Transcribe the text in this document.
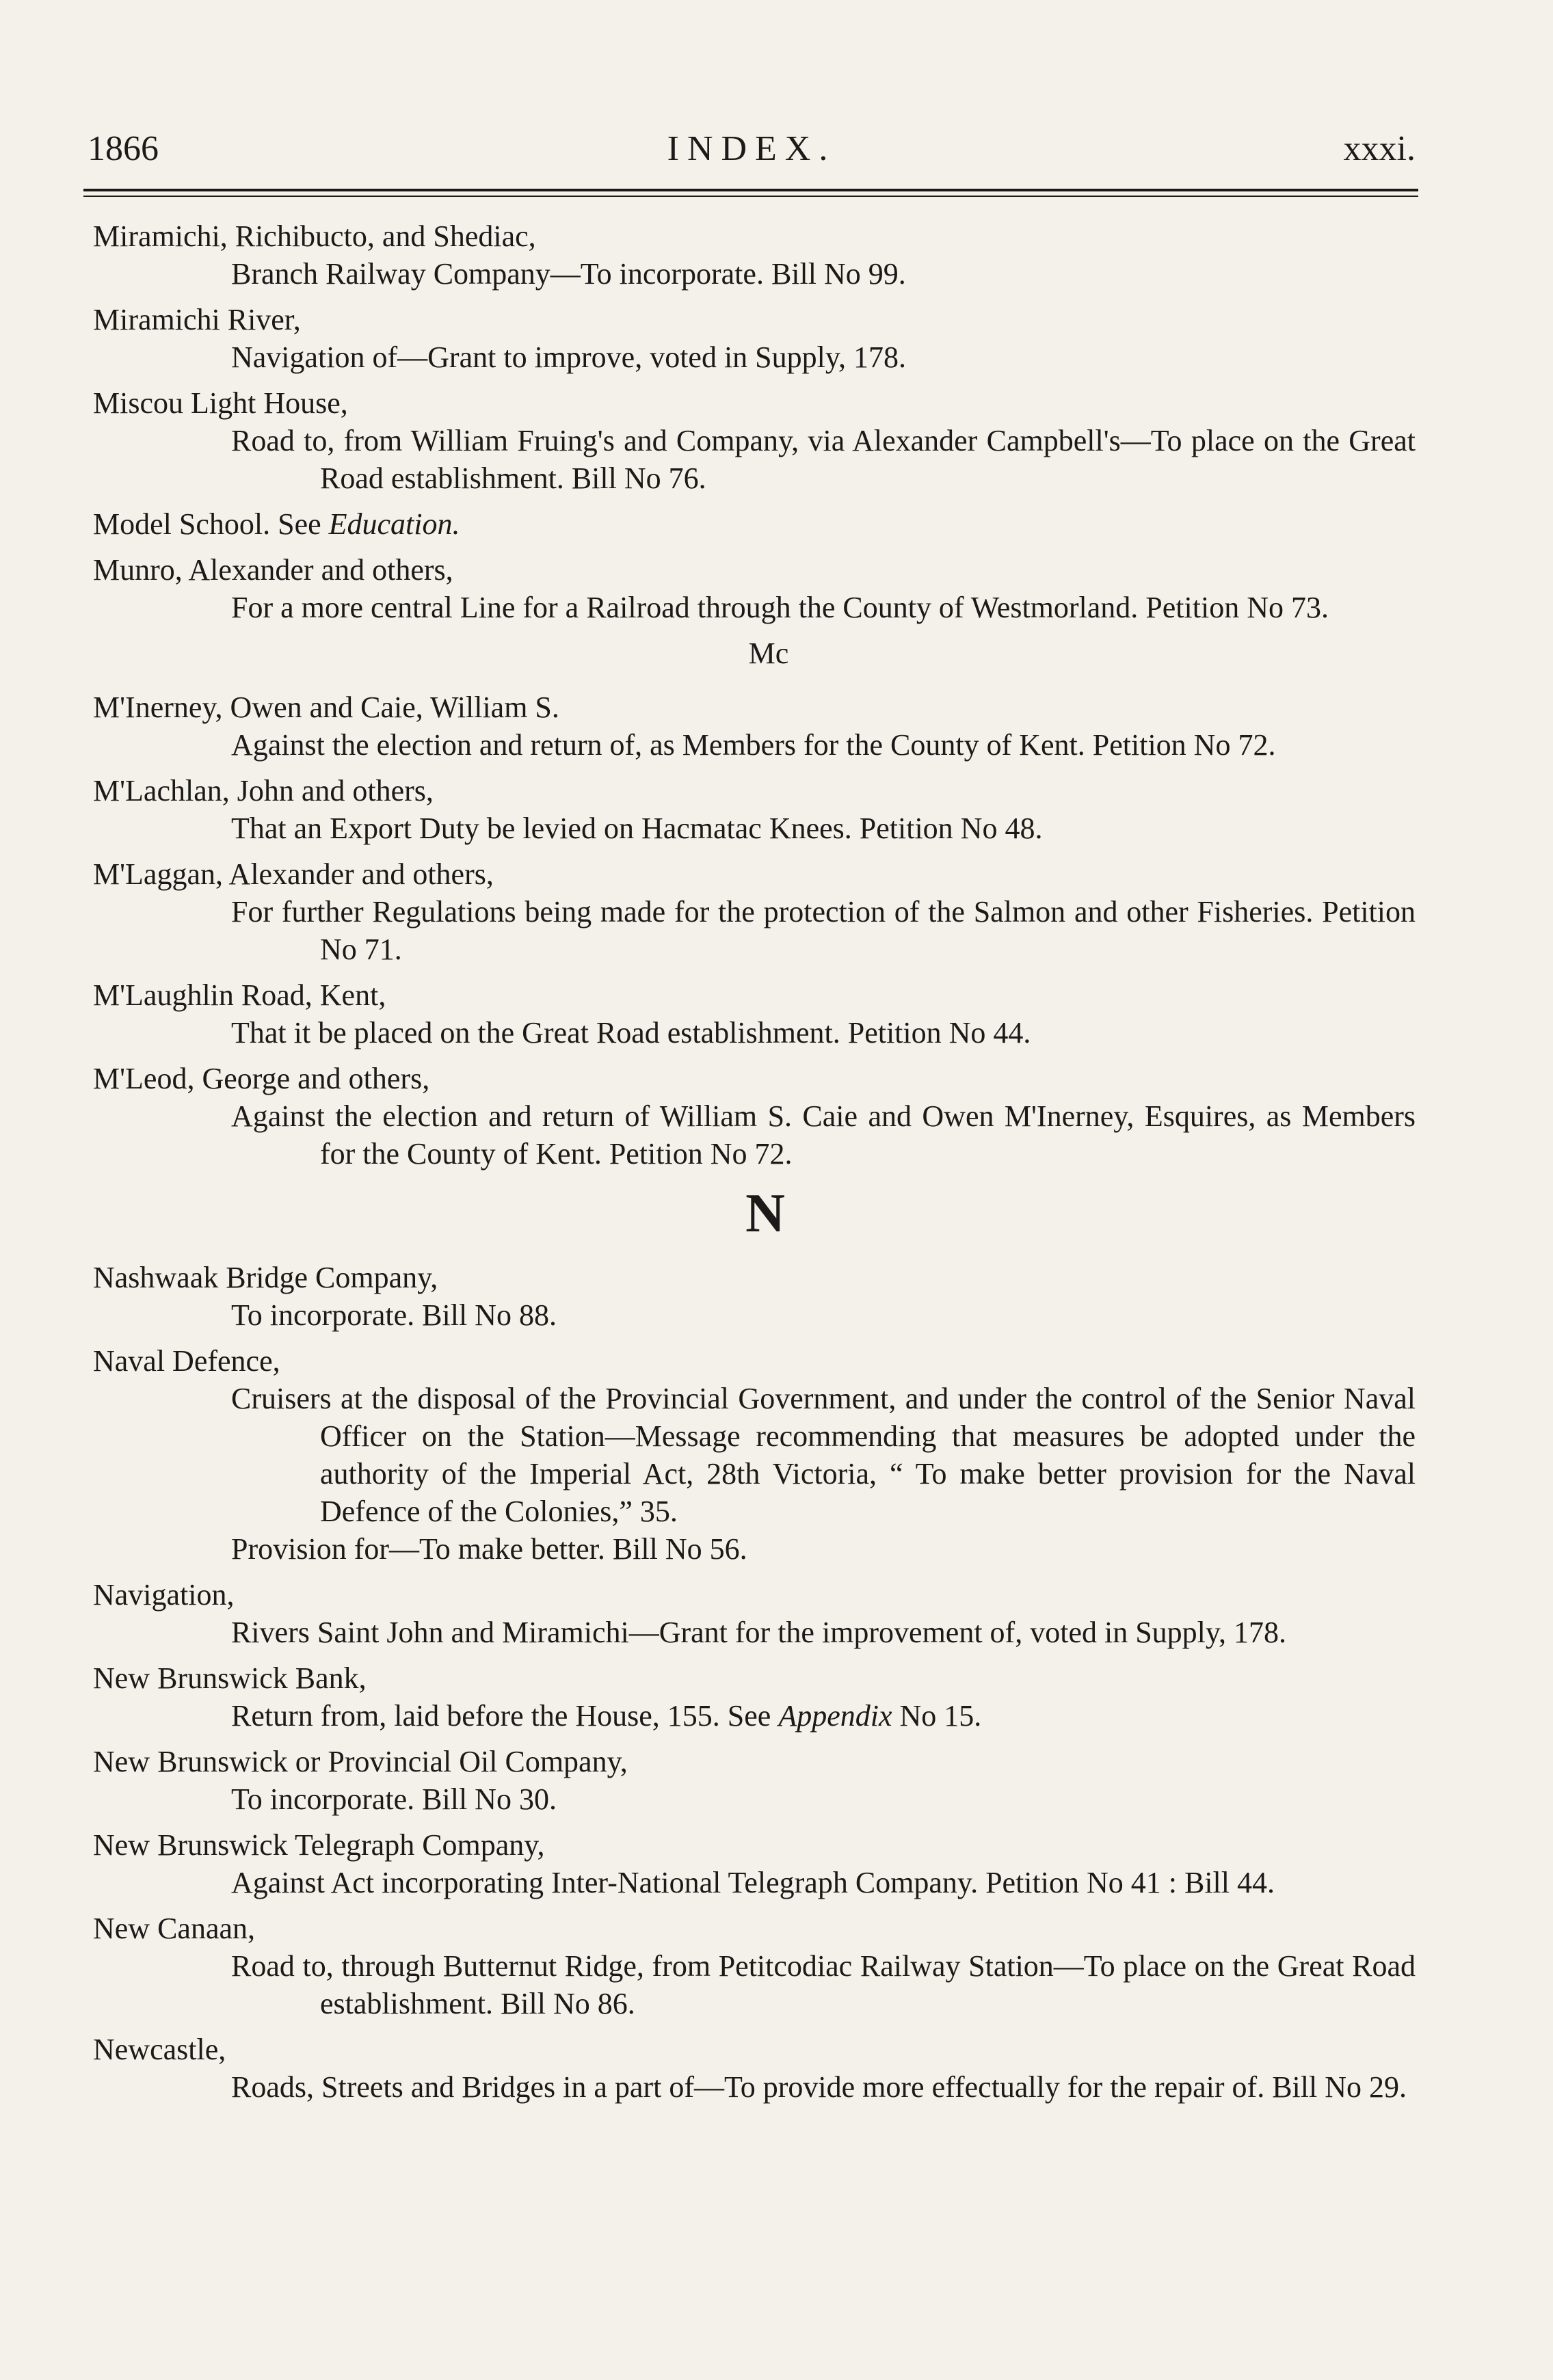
1866	INDEX.	xxxi.
Miramichi, Richibucto, and Shediac,
Branch Railway Company—To incorporate. Bill No 99.
Miramichi River,
Navigation of—Grant to improve, voted in Supply, 178.
Miscou Light House,
Road to, from William Fruing's and Company, via Alexander Campbell's—To place on the Great Road establishment. Bill No 76.
Model School. See Education.
Munro, Alexander and others,
For a more central Line for a Railroad through the County of Westmorland. Petition No 73.
Mc
M'Inerney, Owen and Caie, William S.
Against the election and return of, as Members for the County of Kent. Petition No 72.
M'Lachlan, John and others,
That an Export Duty be levied on Hacmatac Knees. Petition No 48.
M'Laggan, Alexander and others,
For further Regulations being made for the protection of the Salmon and other Fisheries. Petition No 71.
M'Laughlin Road, Kent,
That it be placed on the Great Road establishment. Petition No 44.
M'Leod, George and others,
Against the election and return of William S. Caie and Owen M'Inerney, Esquires, as Members for the County of Kent. Petition No 72.
N
Nashwaak Bridge Company,
To incorporate. Bill No 88.
Naval Defence,
Cruisers at the disposal of the Provincial Government, and under the control of the Senior Naval Officer on the Station—Message recommending that measures be adopted under the authority of the Imperial Act, 28th Victoria, “ To make better provision for the Naval Defence of the Colonies,” 35.
Provision for—To make better. Bill No 56.
Navigation,
Rivers Saint John and Miramichi—Grant for the improvement of, voted in Supply, 178.
New Brunswick Bank,
Return from, laid before the House, 155. See Appendix No 15.
New Brunswick or Provincial Oil Company,
To incorporate. Bill No 30.
New Brunswick Telegraph Company,
Against Act incorporating Inter-National Telegraph Company. Petition No 41 : Bill 44.
New Canaan,
Road to, through Butternut Ridge, from Petitcodiac Railway Station—To place on the Great Road establishment. Bill No 86.
Newcastle,
Roads, Streets and Bridges in a part of—To provide more effectually for the repair of. Bill No 29.
